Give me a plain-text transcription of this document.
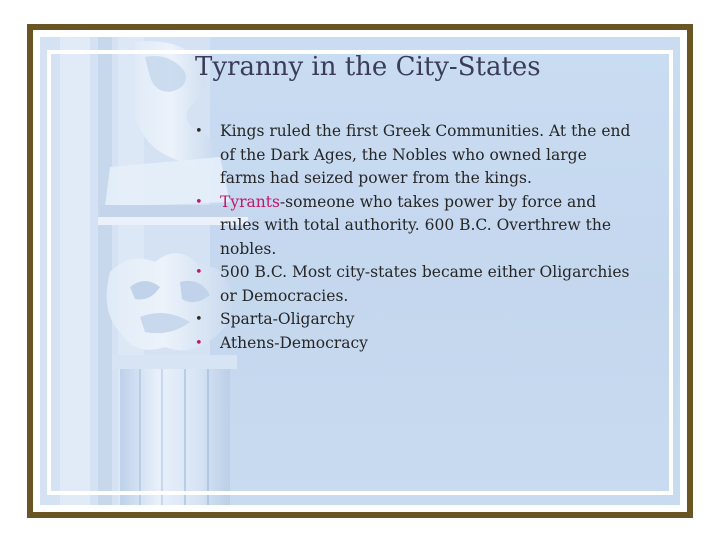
Tyranny in the City-States
• Kings ruled the first Greek Communities. At the end of the Dark Ages, the Nobles who owned large farms had seized power from the kings.
• Tyrants-someone who takes power by force and rules with total authority. 600 B.C. Overthrew the nobles.
• 500 B.C. Most city-states became either Oligarchies or Democracies.
• Sparta-Oligarchy
• Athens-Democracy
